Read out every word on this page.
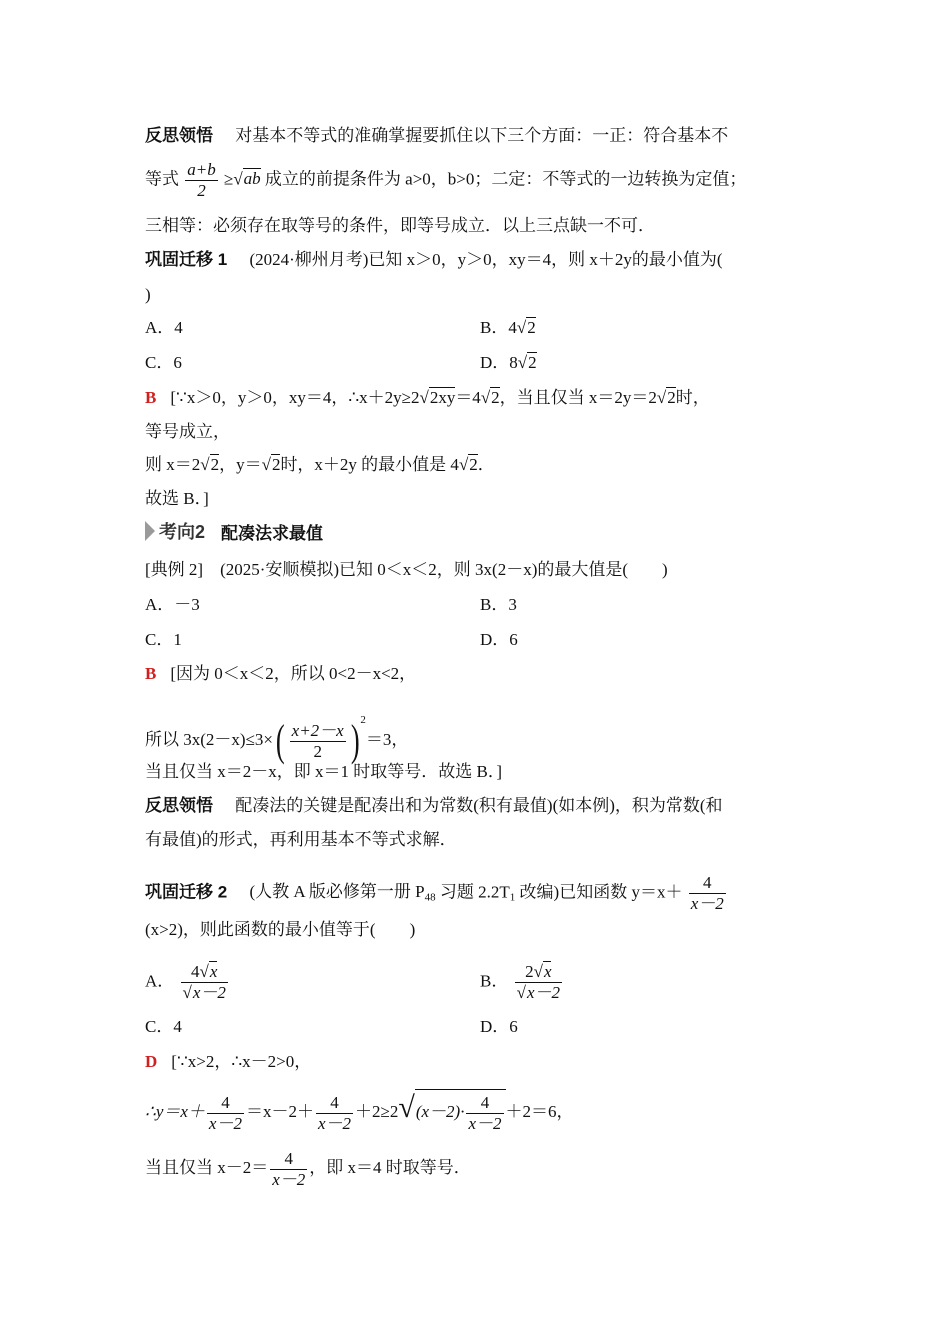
反思领悟 对基本不等式的准确掌握要抓住以下三个方面：一正：符合基本不
等式 $\frac{a+b}{2} \ge√ab$ 成立的前提条件为 a>0，b>0；二定：不等式的一边转换为定值；
三相等：必须存在取等号的条件，即等号成立．以上三点缺一不可．
巩固迁移 1 (2024·柳州月考)已知 x＞0，y＞0，xy＝4，则 x＋2y的最小值为(
)
A．4	B．4√2
C．6	D．8√2
B [∵x＞0，y＞0，xy＝4，∴x＋2y≥2√2xy＝4√2，当且仅当 x＝2y＝2√2时，
等号成立，
则 x＝2√2，y＝√2时，x＋2y 的最小值是 4√2．
故选 B．]
考向2 配凑法求最值
[典例 2]　(2025·安顺模拟)已知 0＜x＜2，则 3x(2－x)的最大值是(　　)
A．－3	B．3
C．1	D．6
B [因为 0＜x＜2，所以 0<2－x<2，
所以 $3x(2-x)\le 3\times( \frac{x+2-x}{2} )^2=3$，
当且仅当 x＝2－x，即 x＝1 时取等号．故选 B．]
反思领悟 配凑法的关键是配凑出和为常数(积有最值)(如本例)，积为常数(和
有最值)的形式，再利用基本不等式求解．
巩固迁移 2 (人教 A 版必修第一册 $P_{48}$ 习题 $2.2T_1$ 改编)已知函数 $y=x+ \frac{4}{x-2}$
(x>2)，则此函数的最小值等于(　　)
A． $\frac{4√x}{√x-2}$	B． $\frac{2√x}{√x-2}$
C．4	D．6
D [∵x>2，∴x－2>0，
∴y＝x＋ $\frac{4}{x-2} =x-2+ \frac{4}{x-2} +2\ge 2√(x-2)\cdot \frac{4}{x-2} +2=6$，
当且仅当 $x-2= \frac{4}{x-2}$ ，即 x＝4 时取等号．
